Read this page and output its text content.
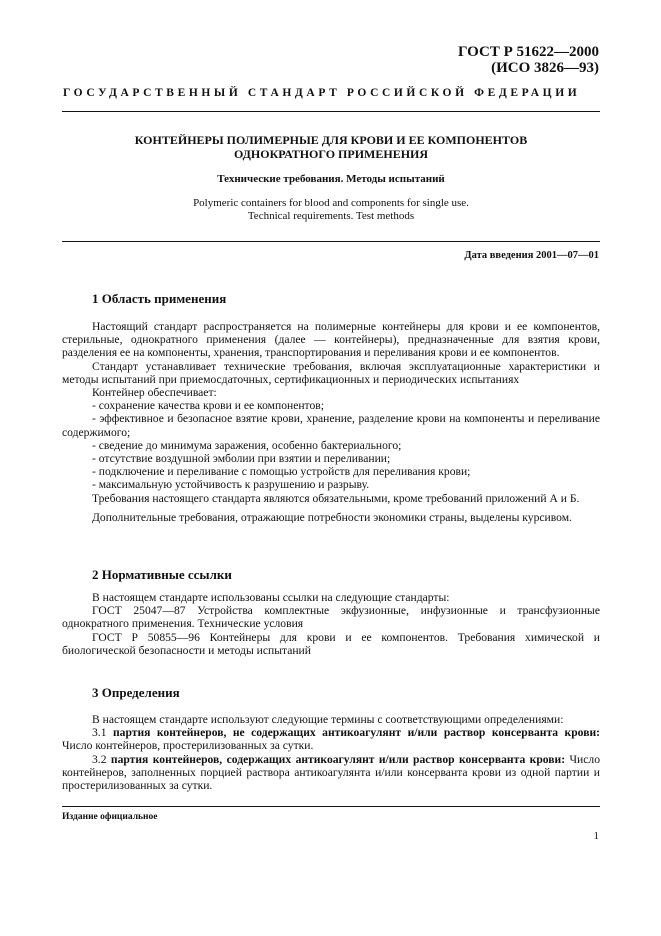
ГОСТ Р 51622—2000
(ИСО 3826—93)
ГОСУДАРСТВЕННЫЙ СТАНДАРТ РОССИЙСКОЙ ФЕДЕРАЦИИ
КОНТЕЙНЕРЫ ПОЛИМЕРНЫЕ ДЛЯ КРОВИ И ЕЕ КОМПОНЕНТОВ
ОДНОКРАТНОГО ПРИМЕНЕНИЯ
Технические требования. Методы испытаний
Polymeric containers for blood and components for single use.
Technical requirements. Test methods
Дата введения 2001—07—01
1 Область применения

Настоящий стандарт распространяется на полимерные контейнеры для крови и ее компонентов, стерильные, однократного применения (далее — контейнеры), предназначенные для взятия крови, разделения ее на компоненты, хранения, транспортирования и переливания крови и ее компонентов.

Стандарт устанавливает технические требования, включая эксплуатационные характеристики и методы испытаний при приемосдаточных, сертификационных и периодических испытаниях

Контейнер обеспечивает:

- сохранение качества крови и ее компонентов;

- эффективное и безопасное взятие крови, хранение, разделение крови на компоненты и переливание содержимого;

- сведение до минимума заражения, особенно бактериального;

- отсутствие воздушной эмболии при взятии и переливании;

- подключение и переливание с помощью устройств для переливания крови;

- максимальную устойчивость к разрушению и разрыву.

Требования настоящего стандарта являются обязательными, кроме требований приложений А и Б.

Дополнительные требования, отражающие потребности экономики страны, выделены курсивом.

2 Нормативные ссылки

В настоящем стандарте использованы ссылки на следующие стандарты:

ГОСТ 25047—87 Устройства комплектные экфузионные, инфузионные и трансфузионные однократного применения. Технические условия

ГОСТ Р 50855—96 Контейнеры для крови и ее компонентов. Требования химической и биологической безопасности и методы испытаний

3 Определения

В настоящем стандарте используют следующие термины с соответствующими определениями:

3.1 партия контейнеров, не содержащих антикоагулянт и/или раствор консерванта крови: Число контейнеров, простерилизованных за сутки.

3.2 партия контейнеров, содержащих антикоагулянт и/или раствор консерванта крови: Число контейнеров, заполненных порцией раствора антикоагулянта и/или консерванта крови из одной партии и простерилизованных за сутки.

Издание официальное
1
